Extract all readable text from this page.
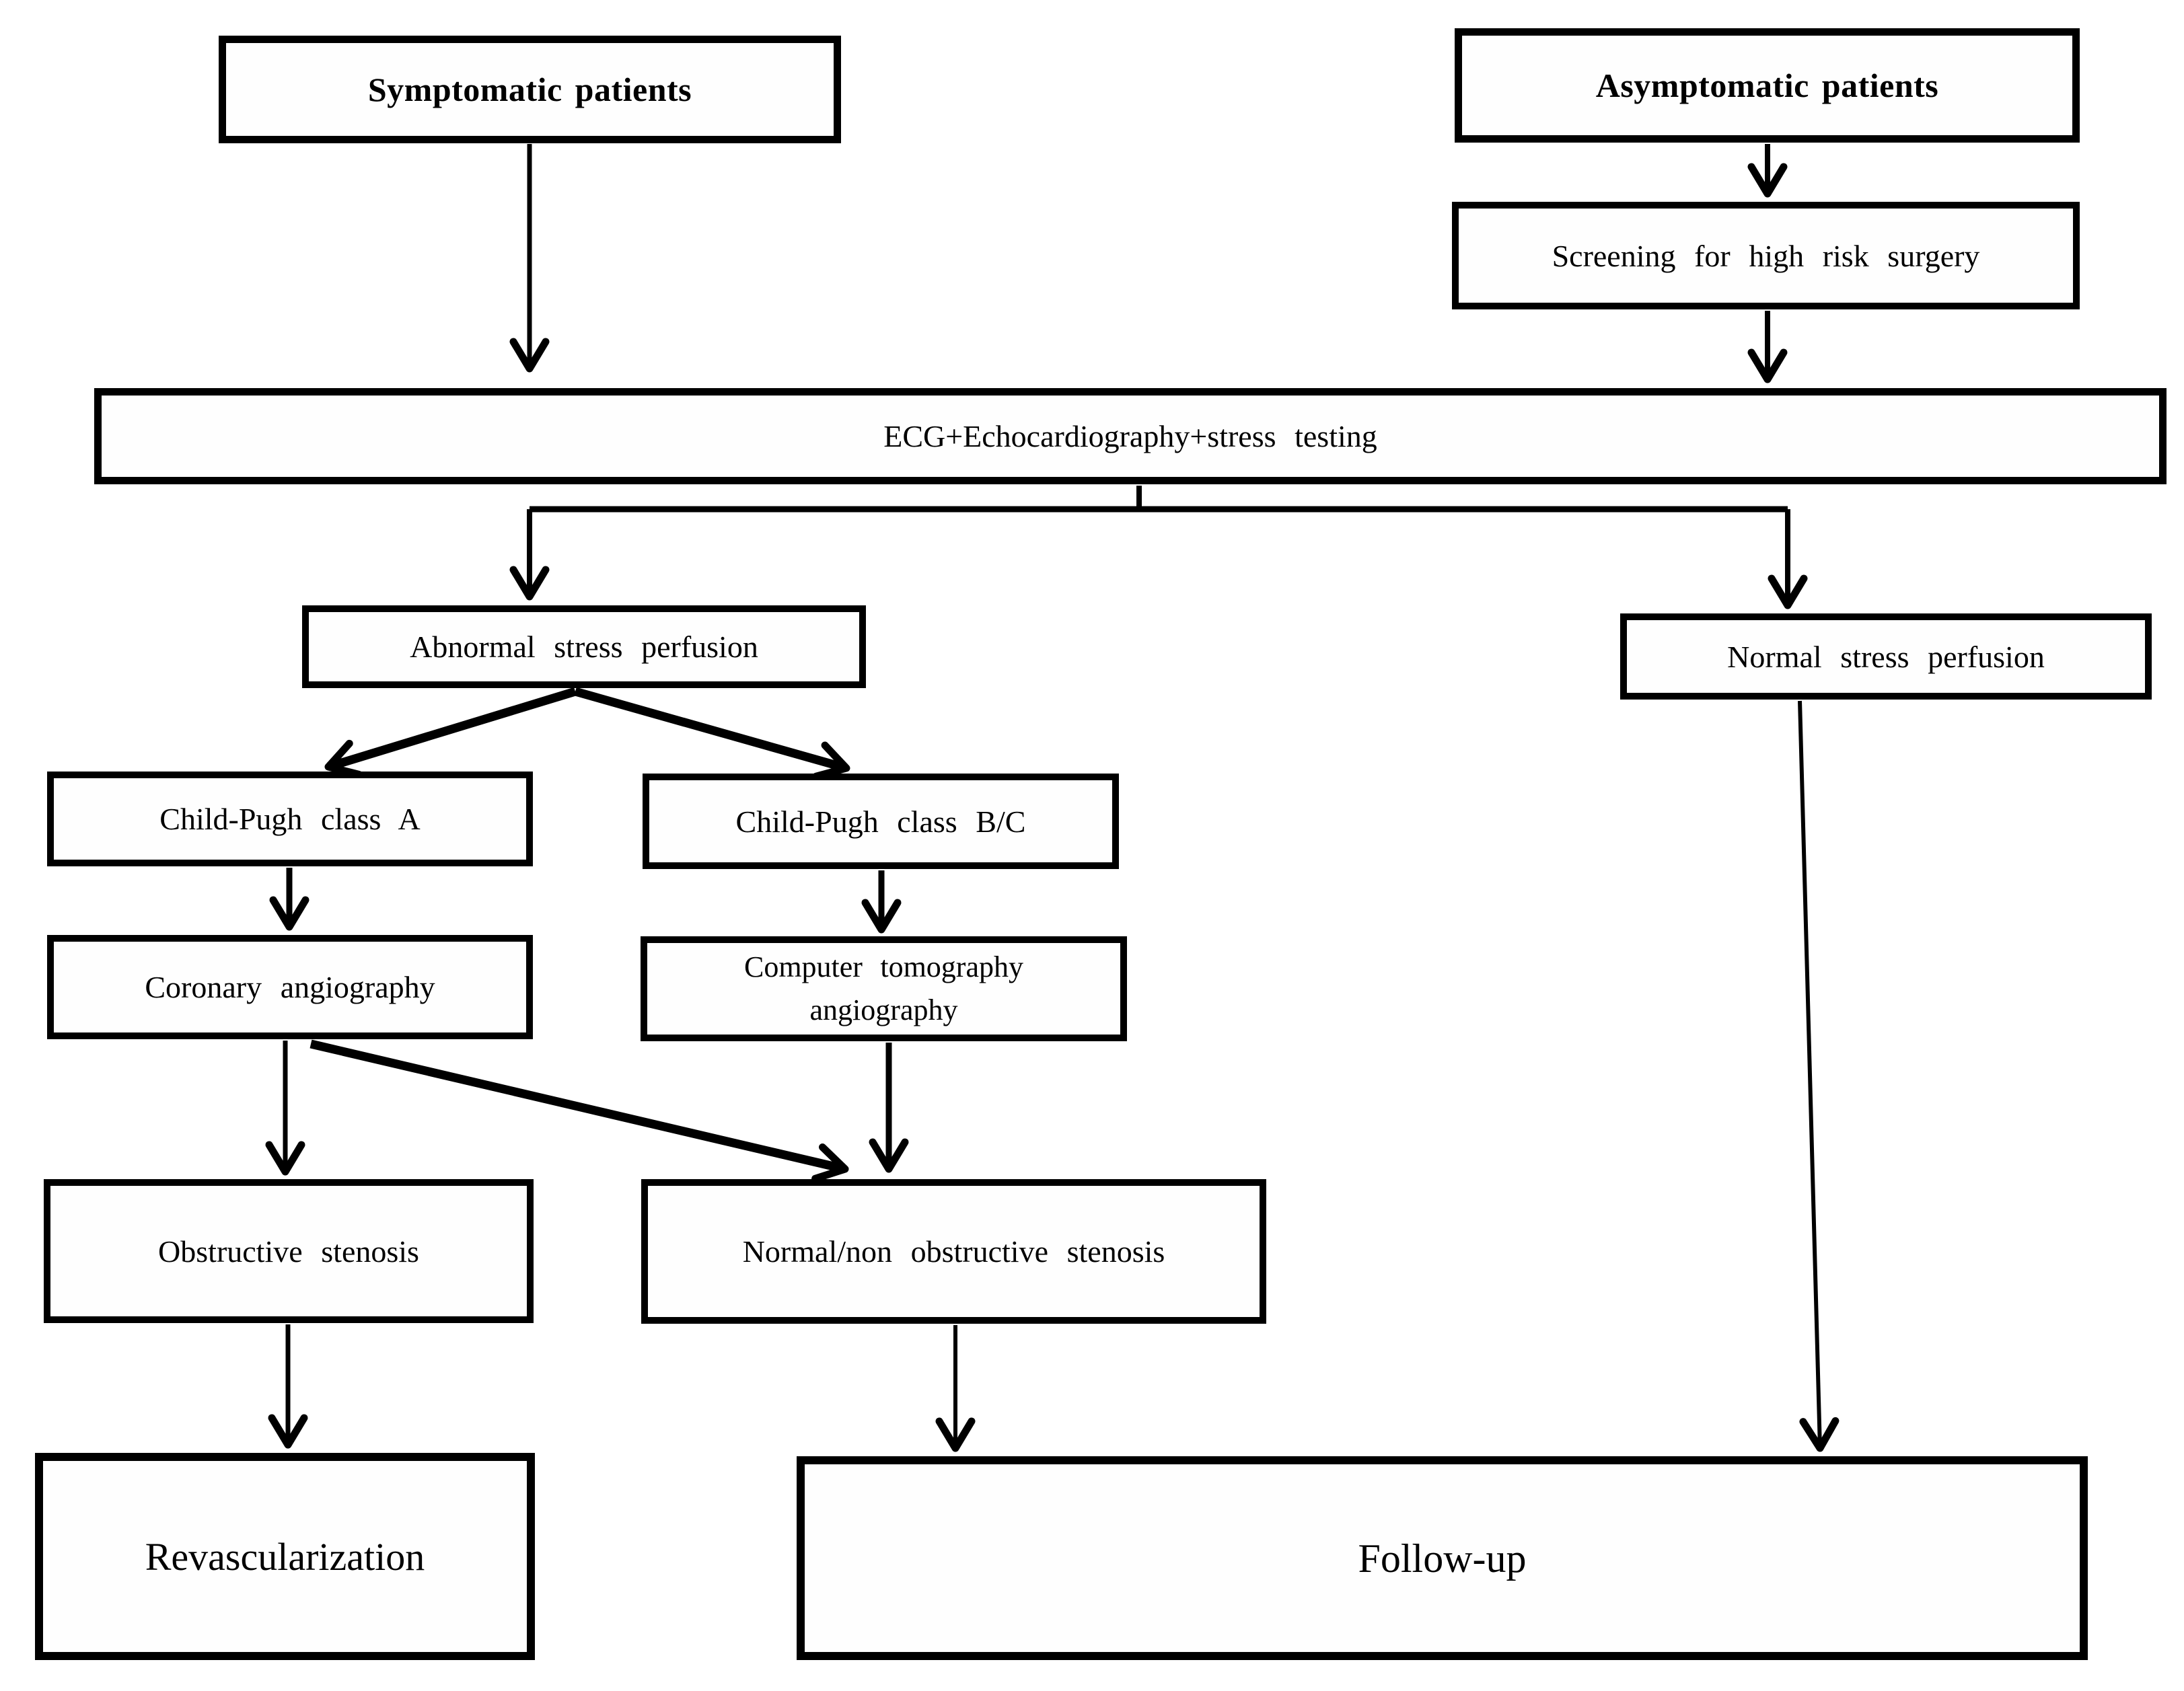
Symptomatic patients	Asymptomatic patients
Screening for high risk surgery
ECG+Echocardiography+stress testing
Abnormal stress perfusion	Normal stress perfusion
Child-Pugh class A	Child-Pugh class B/C
Coronary angiography
Computer tomography angiography
Obstructive stenosis	Normal/non obstructive stenosis
Revascularization	Follow-up
